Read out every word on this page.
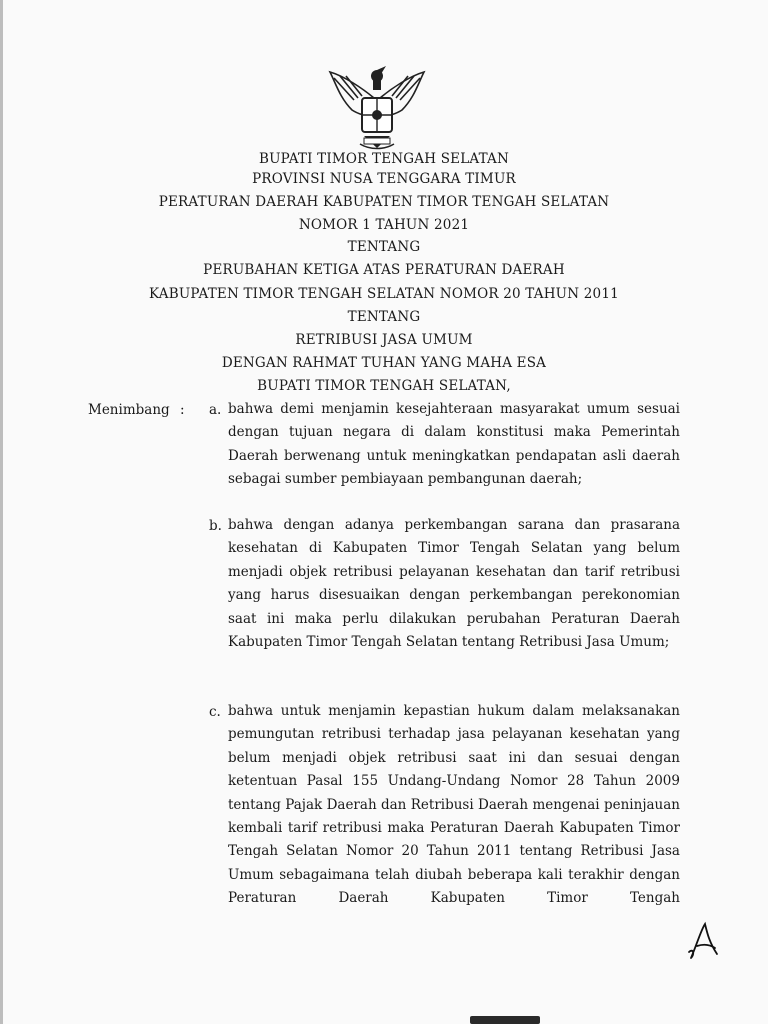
BUPATI TIMOR TENGAH SELATAN
PROVINSI NUSA TENGGARA TIMUR
PERATURAN DAERAH KABUPATEN TIMOR TENGAH SELATAN
NOMOR 1 TAHUN 2021
TENTANG
PERUBAHAN KETIGA ATAS PERATURAN DAERAH
KABUPATEN TIMOR TENGAH SELATAN NOMOR 20 TAHUN 2011
TENTANG
RETRIBUSI JASA UMUM
DENGAN RAHMAT TUHAN YANG MAHA ESA
BUPATI TIMOR TENGAH SELATAN,
Menimbang : a. bahwa demi menjamin kesejahteraan masyarakat umum sesuai dengan tujuan negara di dalam konstitusi maka Pemerintah Daerah berwenang untuk meningkatkan pendapatan asli daerah sebagai sumber pembiayaan pembangunan daerah;
b. bahwa dengan adanya perkembangan sarana dan prasarana kesehatan di Kabupaten Timor Tengah Selatan yang belum menjadi objek retribusi pelayanan kesehatan dan tarif retribusi yang harus disesuaikan dengan perkembangan perekonomian saat ini maka perlu dilakukan perubahan Peraturan Daerah Kabupaten Timor Tengah Selatan tentang Retribusi Jasa Umum;
c. bahwa untuk menjamin kepastian hukum dalam melaksanakan pemungutan retribusi terhadap jasa pelayanan kesehatan yang belum menjadi objek retribusi saat ini dan sesuai dengan ketentuan Pasal 155 Undang-Undang Nomor 28 Tahun 2009 tentang Pajak Daerah dan Retribusi Daerah mengenai peninjauan kembali tarif retribusi maka Peraturan Daerah Kabupaten Timor Tengah Selatan Nomor 20 Tahun 2011 tentang Retribusi Jasa Umum sebagaimana telah diubah beberapa kali terakhir dengan Peraturan Daerah Kabupaten Timor Tengah
